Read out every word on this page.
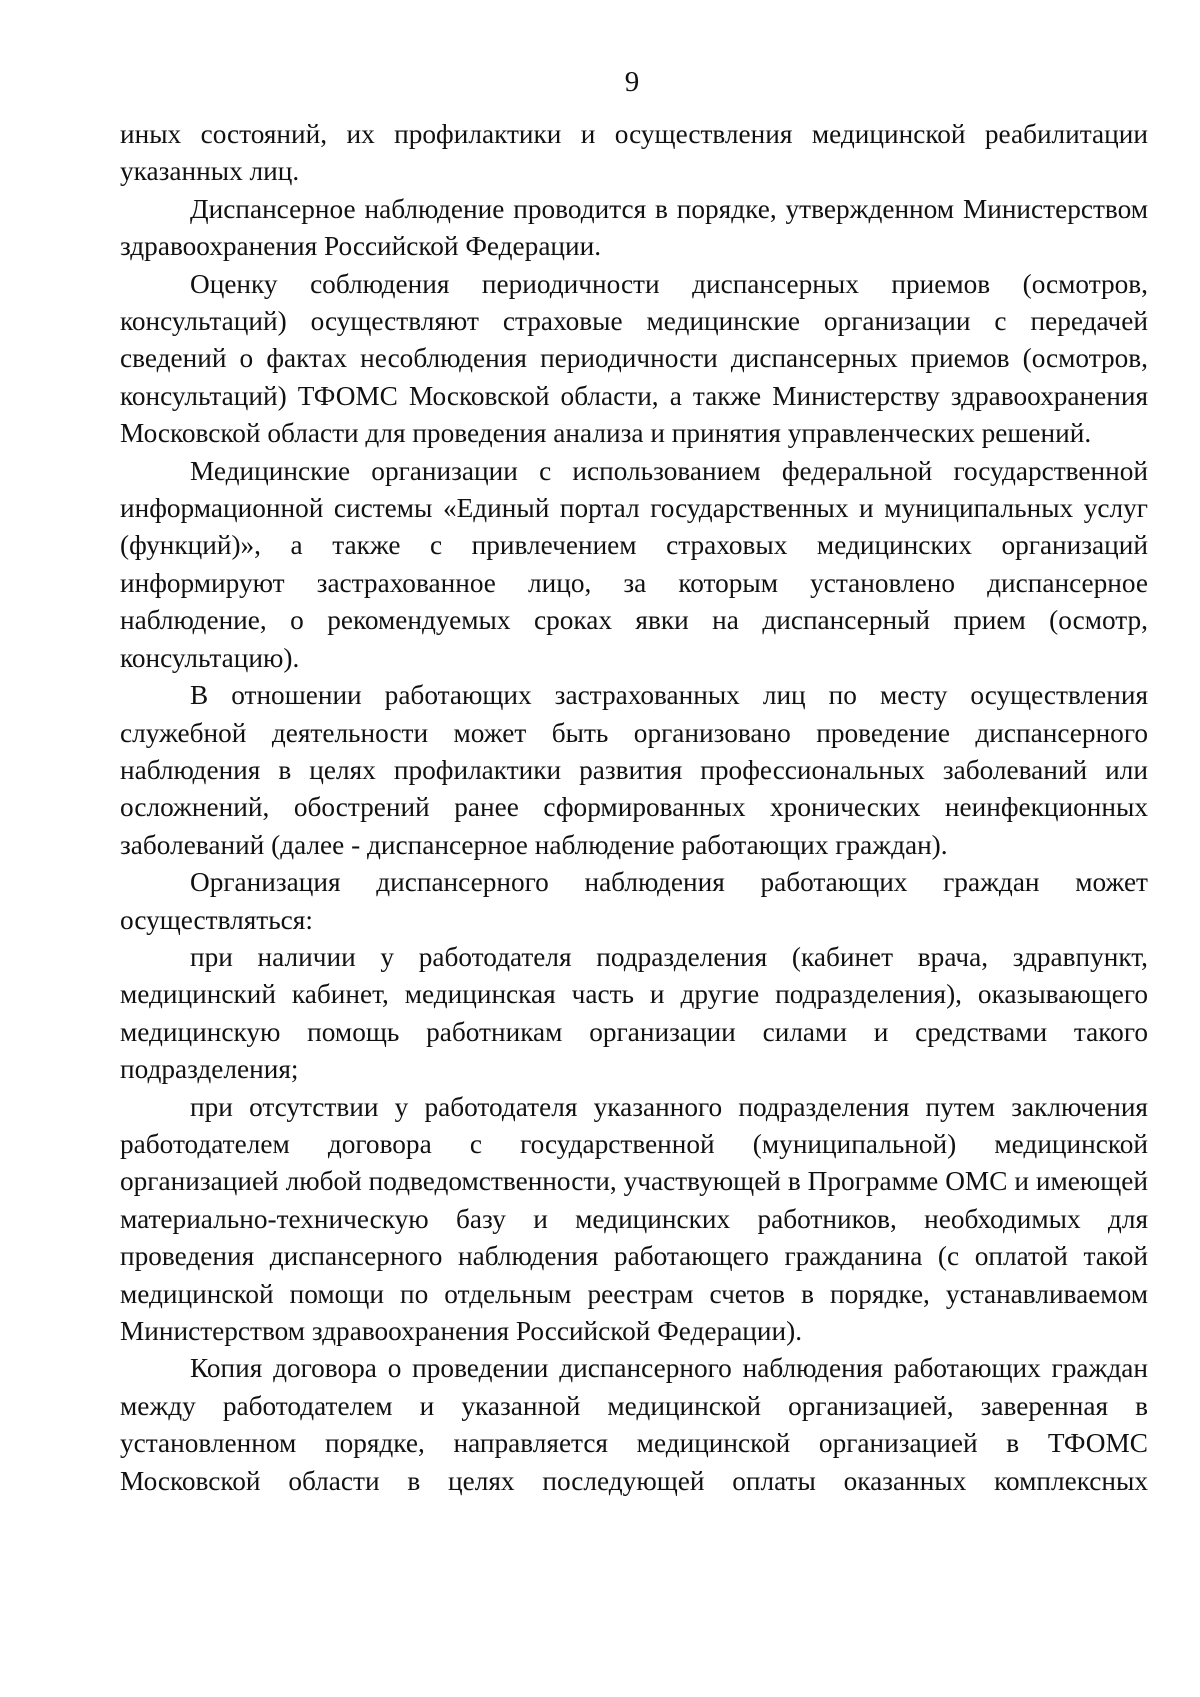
9

иных состояний, их профилактики и осуществления медицинской реабилитации указанных лиц.

Диспансерное наблюдение проводится в порядке, утвержденном Министерством здравоохранения Российской Федерации.

Оценку соблюдения периодичности диспансерных приемов (осмотров, консультаций) осуществляют страховые медицинские организации с передачей сведений о фактах несоблюдения периодичности диспансерных приемов (осмотров, консультаций) ТФОМС Московской области, а также Министерству здравоохранения Московской области для проведения анализа и принятия управленческих решений.

Медицинские организации с использованием федеральной государственной информационной системы «Единый портал государственных и муниципальных услуг (функций)», а также с привлечением страховых медицинских организаций информируют застрахованное лицо, за которым установлено диспансерное наблюдение, о рекомендуемых сроках явки на диспансерный прием (осмотр, консультацию).

В отношении работающих застрахованных лиц по месту осуществления служебной деятельности может быть организовано проведение диспансерного наблюдения в целях профилактики развития профессиональных заболеваний или осложнений, обострений ранее сформированных хронических неинфекционных заболеваний (далее - диспансерное наблюдение работающих граждан).

Организация диспансерного наблюдения работающих граждан может осуществляться:

при наличии у работодателя подразделения (кабинет врача, здравпункт, медицинский кабинет, медицинская часть и другие подразделения), оказывающего медицинскую помощь работникам организации силами и средствами такого подразделения;

при отсутствии у работодателя указанного подразделения путем заключения работодателем договора с государственной (муниципальной) медицинской организацией любой подведомственности, участвующей в Программе ОМС и имеющей материально-техническую базу и медицинских работников, необходимых для проведения диспансерного наблюдения работающего гражданина (с оплатой такой медицинской помощи по отдельным реестрам счетов в порядке, устанавливаемом Министерством здравоохранения Российской Федерации).

Копия договора о проведении диспансерного наблюдения работающих граждан между работодателем и указанной медицинской организацией, заверенная в установленном порядке, направляется медицинской организацией в ТФОМС Московской области в целях последующей оплаты оказанных комплексных
